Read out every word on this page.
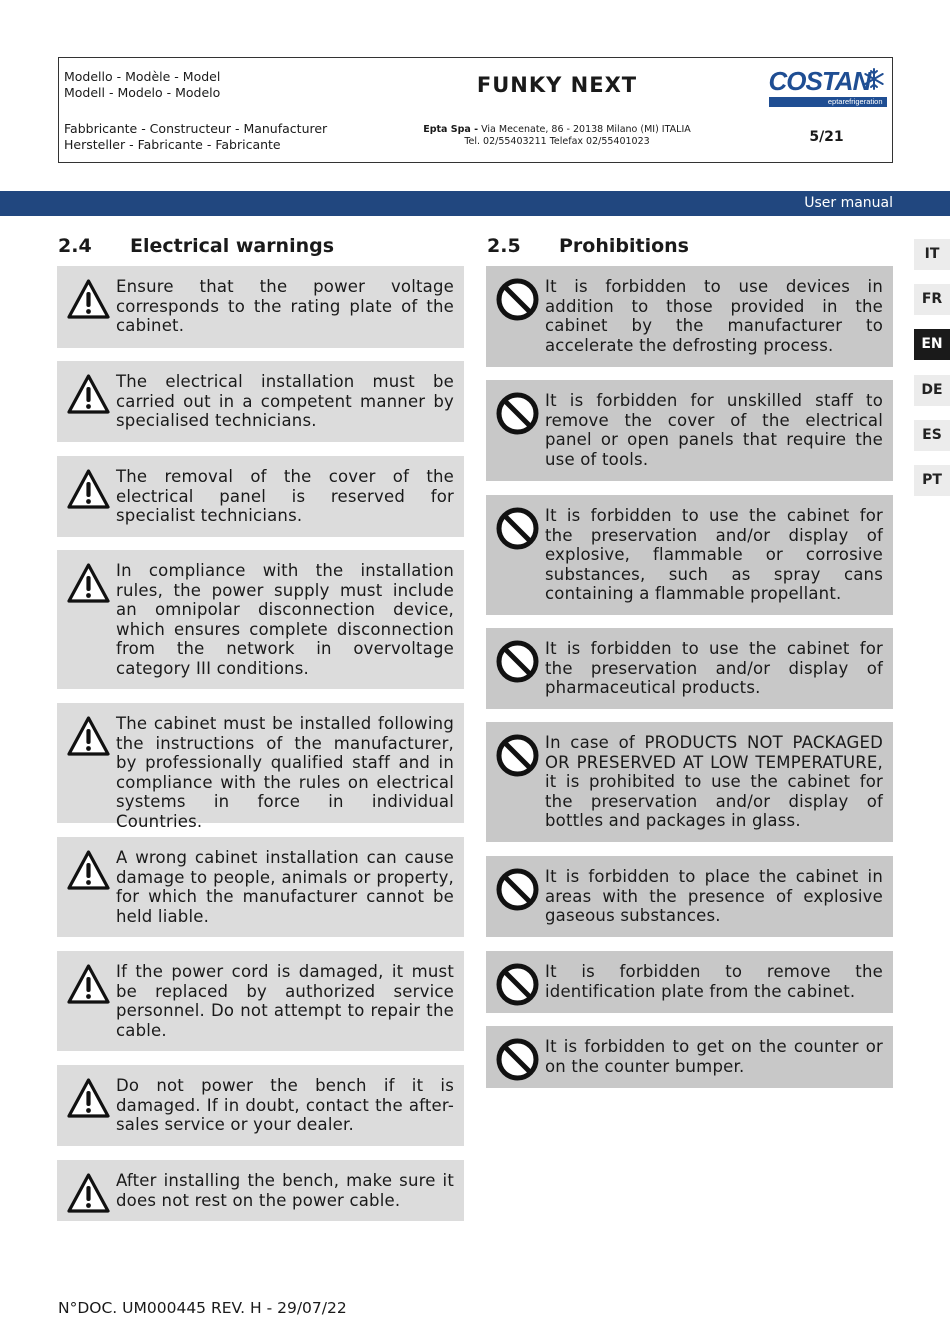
Modello - Modèle - Model
Modell - Modelo - Modelo	FUNKY NEXT	COSTAN
eptarefrigeration
Fabbricante - Constructeur - Manufacturer
Hersteller - Fabricante - Fabricante
Epta Spa - Via Mecenate, 86 - 20138 Milano (MI) ITALIA
Tel. 02/55403211 Telefax 02/55401023	5/21
User manual
2.4 Electrical warnings	2.5 Prohibitions
Ensure that the power voltage corresponds to the rating plate of the cabinet.
The electrical installation must be carried out in a competent manner by specialised technicians.
The removal of the cover of the electrical panel is reserved for specialist technicians.
In compliance with the installation rules, the power supply must include an omnipolar disconnection device, which ensures complete disconnection from the network in overvoltage category III conditions.
The cabinet must be installed following the instructions of the manufacturer, by professionally qualified staff and in compliance with the rules on electrical systems in force in individual Countries.
A wrong cabinet installation can cause damage to people, animals or property, for which the manufacturer cannot be held liable.
If the power cord is damaged, it must be replaced by authorized service personnel. Do not attempt to repair the cable.
Do not power the bench if it is damaged. If in doubt, contact the after-sales service or your dealer.
After installing the bench, make sure it does not rest on the power cable.
It is forbidden to use devices in addition to those provided in the cabinet by the manufacturer to accelerate the defrosting process.
It is forbidden for unskilled staff to remove the cover of the electrical panel or open panels that require the use of tools.
It is forbidden to use the cabinet for the preservation and/or display of explosive, flammable or corrosive substances, such as spray cans containing a flammable propellant.
It is forbidden to use the cabinet for the preservation and/or display of pharmaceutical products.
In case of PRODUCTS NOT PACKAGED OR PRESERVED AT LOW TEMPERATURE, it is prohibited to use the cabinet for the preservation and/or display of bottles and packages in glass.
It is forbidden to place the cabinet in areas with the presence of explosive gaseous substances.
It is forbidden to remove the identification plate from the cabinet.
It is forbidden to get on the counter or on the counter bumper.
IT
FR
EN
DE
ES
PT
N°DOC. UM000445 REV. H - 29/07/22
